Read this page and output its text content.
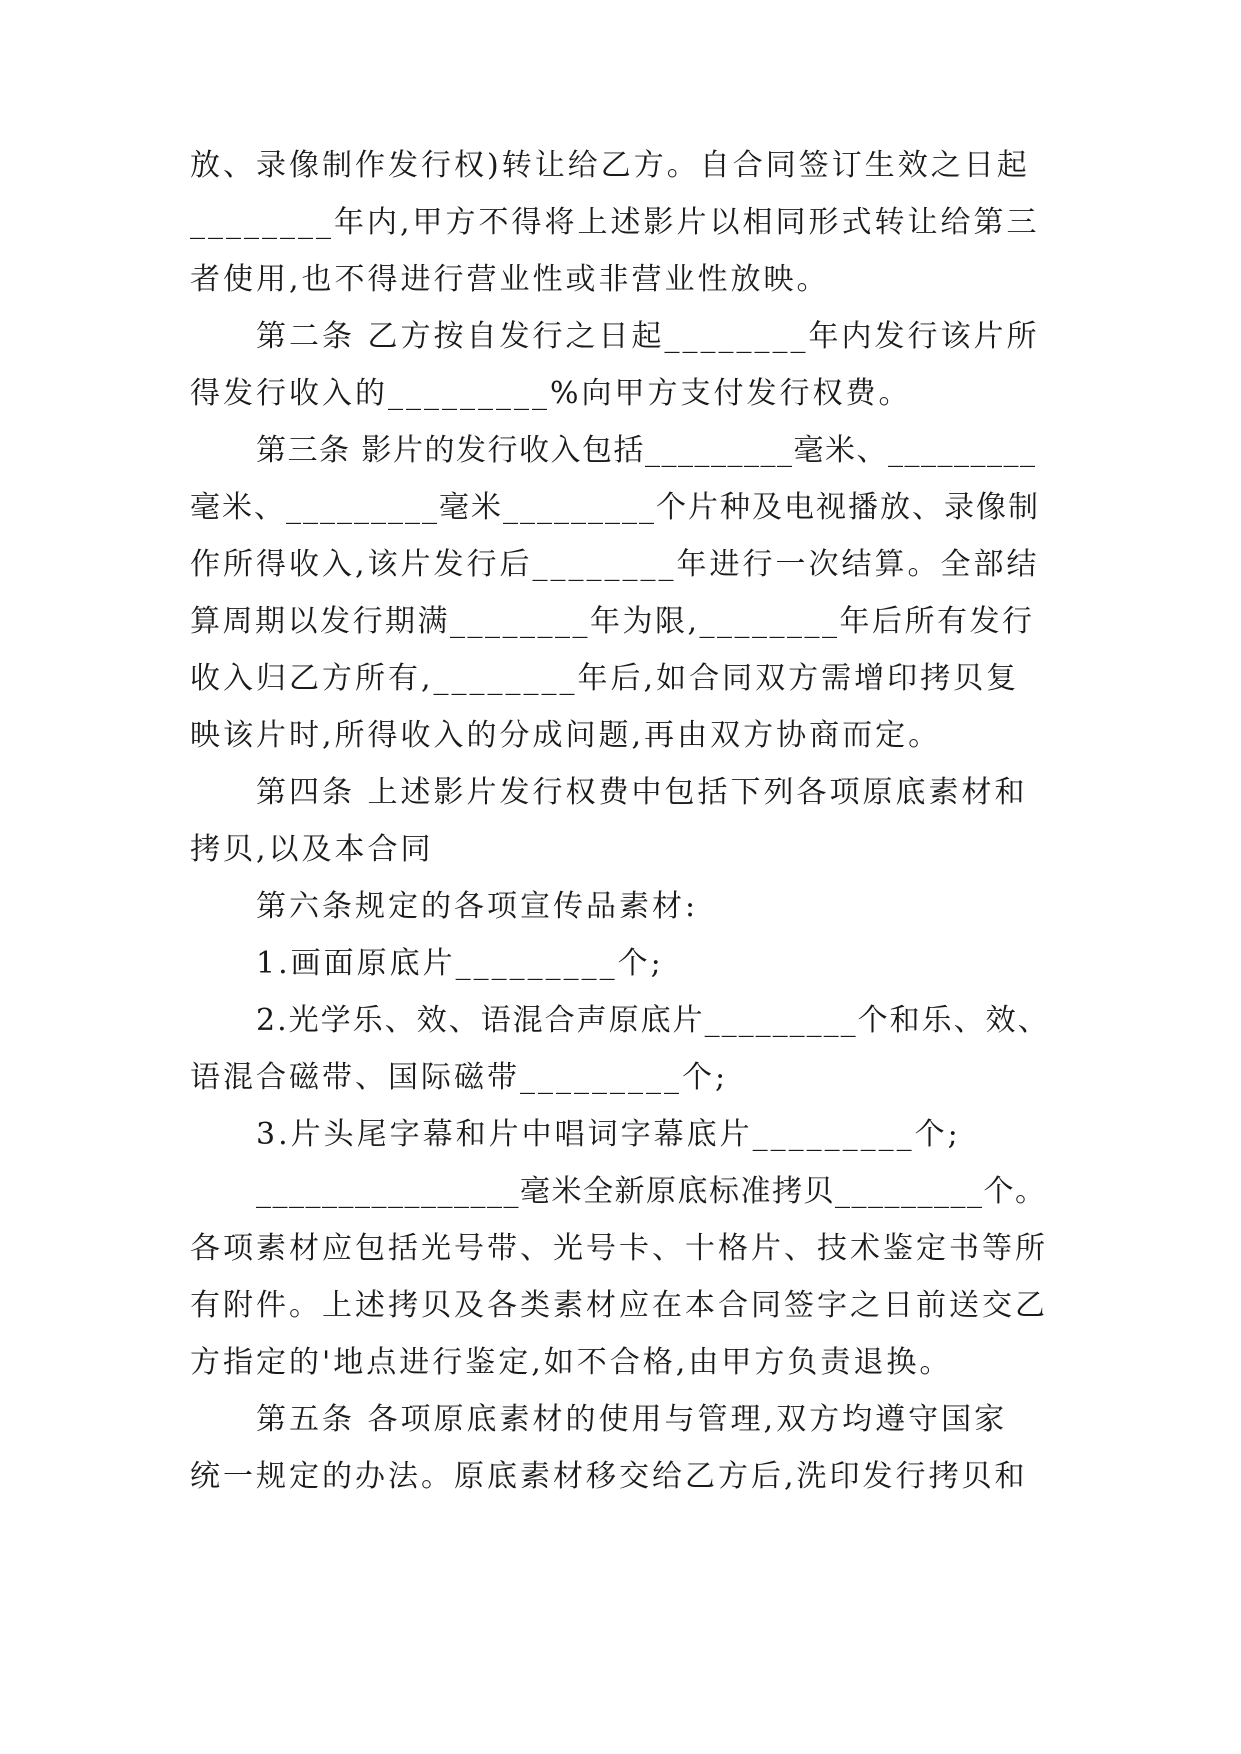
放、录像制作发行权)转让给乙方。自合同签订生效之日起
________年内,甲方不得将上述影片以相同形式转让给第三
者使用,也不得进行营业性或非营业性放映。
第二条 乙方按自发行之日起________年内发行该片所
得发行收入的_________%向甲方支付发行权费。
第三条 影片的发行收入包括_________毫米、_________
毫米、_________毫米_________个片种及电视播放、录像制
作所得收入,该片发行后________年进行一次结算。全部结
算周期以发行期满________年为限,________年后所有发行
收入归乙方所有,________年后,如合同双方需增印拷贝复
映该片时,所得收入的分成问题,再由双方协商而定。
第四条 上述影片发行权费中包括下列各项原底素材和
拷贝,以及本合同
第六条规定的各项宣传品素材:
1.画面原底片_________个;
2.光学乐、效、语混合声原底片_________个和乐、效、
语混合磁带、国际磁带_________个;
3.片头尾字幕和片中唱词字幕底片_________个;
________________毫米全新原底标准拷贝_________个。
各项素材应包括光号带、光号卡、十格片、技术鉴定书等所
有附件。上述拷贝及各类素材应在本合同签字之日前送交乙
方指定的'地点进行鉴定,如不合格,由甲方负责退换。
第五条 各项原底素材的使用与管理,双方均遵守国家
统一规定的办法。原底素材移交给乙方后,洗印发行拷贝和
